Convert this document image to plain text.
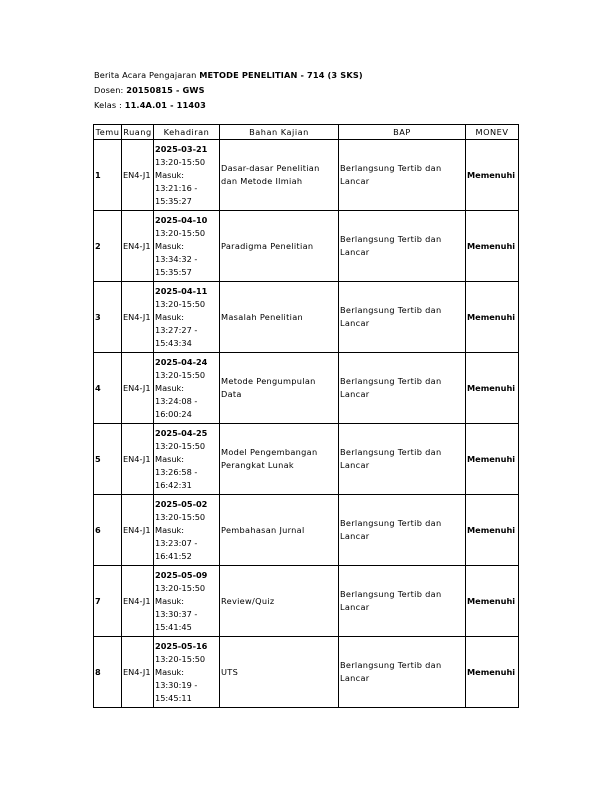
Berita Acara Pengajaran METODE PENELITIAN - 714 (3 SKS)
Dosen: 20150815 - GWS
Kelas : 11.4A.01 - 11403
Temu	Ruang	Kehadiran	Bahan Kajian	BAP	MONEV
1	EN4-J1	2025-03-21
13:20-15:50
Masuk:
13:21:16 - 15:35:27	Dasar-dasar Penelitian dan Metode Ilmiah	Berlangsung Tertib dan Lancar	Memenuhi
2	EN4-J1	2025-04-10
13:20-15:50
Masuk:
13:34:32 - 15:35:57	Paradigma Penelitian	Berlangsung Tertib dan Lancar	Memenuhi
3	EN4-J1	2025-04-11
13:20-15:50
Masuk:
13:27:27 - 15:43:34	Masalah Penelitian	Berlangsung Tertib dan Lancar	Memenuhi
4	EN4-J1	2025-04-24
13:20-15:50
Masuk:
13:24:08 - 16:00:24	Metode Pengumpulan Data	Berlangsung Tertib dan Lancar	Memenuhi
5	EN4-J1	2025-04-25
13:20-15:50
Masuk:
13:26:58 - 16:42:31	Model Pengembangan Perangkat Lunak	Berlangsung Tertib dan Lancar	Memenuhi
6	EN4-J1	2025-05-02
13:20-15:50
Masuk:
13:23:07 - 16:41:52	Pembahasan Jurnal	Berlangsung Tertib dan Lancar	Memenuhi
7	EN4-J1	2025-05-09
13:20-15:50
Masuk:
13:30:37 - 15:41:45	Review/Quiz	Berlangsung Tertib dan Lancar	Memenuhi
8	EN4-J1	2025-05-16
13:20-15:50
Masuk:
13:30:19 - 15:45:11	UTS	Berlangsung Tertib dan Lancar	Memenuhi
